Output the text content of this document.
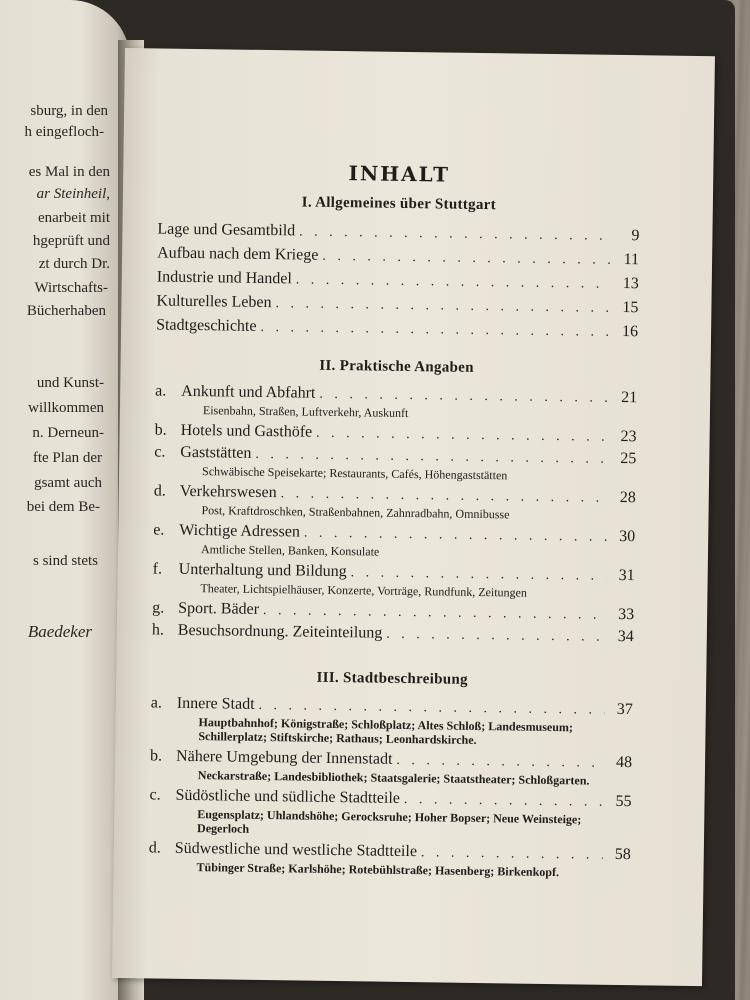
sburg, in den
h eingefloch-
es Mal in den
ar Steinheil,
enarbeit mit
hgeprüft und
zt durch Dr.
Wirtschafts-
Bücherhaben
und Kunst-
willkommen
n. Derneun-
fte Plan der
gsamt auch
bei dem Be-
s sind stets
Baedeker
INHALT
I. Allgemeines über Stuttgart
Lage und Gesamtbild . . .	9
Aufbau nach dem Kriege . . .	11
Industrie und Handel . . .	13
Kulturelles Leben . . .	15
Stadtgeschichte . . .	16
II. Praktische Angaben
a. Ankunft und Abfahrt . . .	21
Eisenbahn, Straßen, Luftverkehr, Auskunft
b. Hotels und Gasthöfe . . .	23
c. Gaststätten . . .	25
Schwäbische Speisekarte; Restaurants, Cafés, Höhengaststätten
d. Verkehrswesen . . .	28
Post, Kraftdroschken, Straßenbahnen, Zahnradbahn, Omnibusse
e. Wichtige Adressen . . .	30
Amtliche Stellen, Banken, Konsulate
f.	Unterhaltung und Bildung . . .	31
Theater, Lichtspielhäuser, Konzerte, Vorträge, Rundfunk, Zeitungen
g. Sport. Bäder . . .	33
h. Besuchsordnung. Zeiteinteilung . . .	34
III. Stadtbeschreibung
a. Innere Stadt . . .	37
Hauptbahnhof; Königstraße; Schloßplatz; Altes Schloß; Landesmuseum; Schillerplatz; Stiftskirche; Rathaus; Leonhardskirche.
b. Nähere Umgebung der Innenstadt . . .	48
Neckarstraße; Landesbibliothek; Staatsgalerie; Staatstheater; Schloßgarten.
c. Südöstliche und südliche Stadtteile . . .	55
Eugensplatz; Uhlandshöhe; Gerocksruhe; Hoher Bopser; Neue Weinsteige; Degerloch
d. Südwestliche und westliche Stadtteile . . .	58
Tübinger Straße; Karlshöhe; Rotebühlstraße; Hasenberg; Birkenkopf.
